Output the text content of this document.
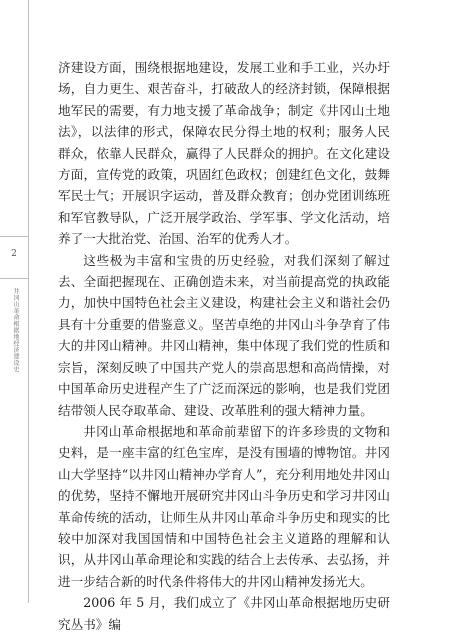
2
井冈山革命根据地经济建设史

济建设方面，围绕根据地建设，发展工业和手工业，兴办圩场，自力更生、艰苦奋斗，打破敌人的经济封锁，保障根据地军民的需要，有力地支援了革命战争；制定《井冈山土地法》，以法律的形式，保障农民分得土地的权利；服务人民群众，依靠人民群众，赢得了人民群众的拥护。在文化建设方面，宣传党的政策，巩固红色政权；创建红色文化，鼓舞军民士气；开展识字运动，普及群众教育；创办党团训练班和军官教导队，广泛开展学政治、学军事、学文化活动，培养了一大批治党、治国、治军的优秀人才。

这些极为丰富和宝贵的历史经验，对我们深刻了解过去、全面把握现在、正确创造未来，对当前提高党的执政能力，加快中国特色社会主义建设，构建社会主义和谐社会仍具有十分重要的借鉴意义。坚苦卓绝的井冈山斗争孕育了伟大的井冈山精神。井冈山精神，集中体现了我们党的性质和宗旨，深刻反映了中国共产党人的崇高思想和高尚情操，对中国革命历史进程产生了广泛而深远的影响，也是我们党团结带领人民夺取革命、建设、改革胜利的强大精神力量。

井冈山革命根据地和革命前辈留下的许多珍贵的文物和史料，是一座丰富的红色宝库，是没有围墙的博物馆。井冈山大学坚持“以井冈山精神办学育人”，充分利用地处井冈山的优势，坚持不懈地开展研究井冈山斗争历史和学习井冈山革命传统的活动，让师生从井冈山革命斗争历史和现实的比较中加深对我国国情和中国特色社会主义道路的理解和认识，从井冈山革命理论和实践的结合上去传承、去弘扬，并进一步结合新的时代条件将伟大的井冈山精神发扬光大。

2006 年 5 月，我们成立了《井冈山革命根据地历史研究丛书》编
